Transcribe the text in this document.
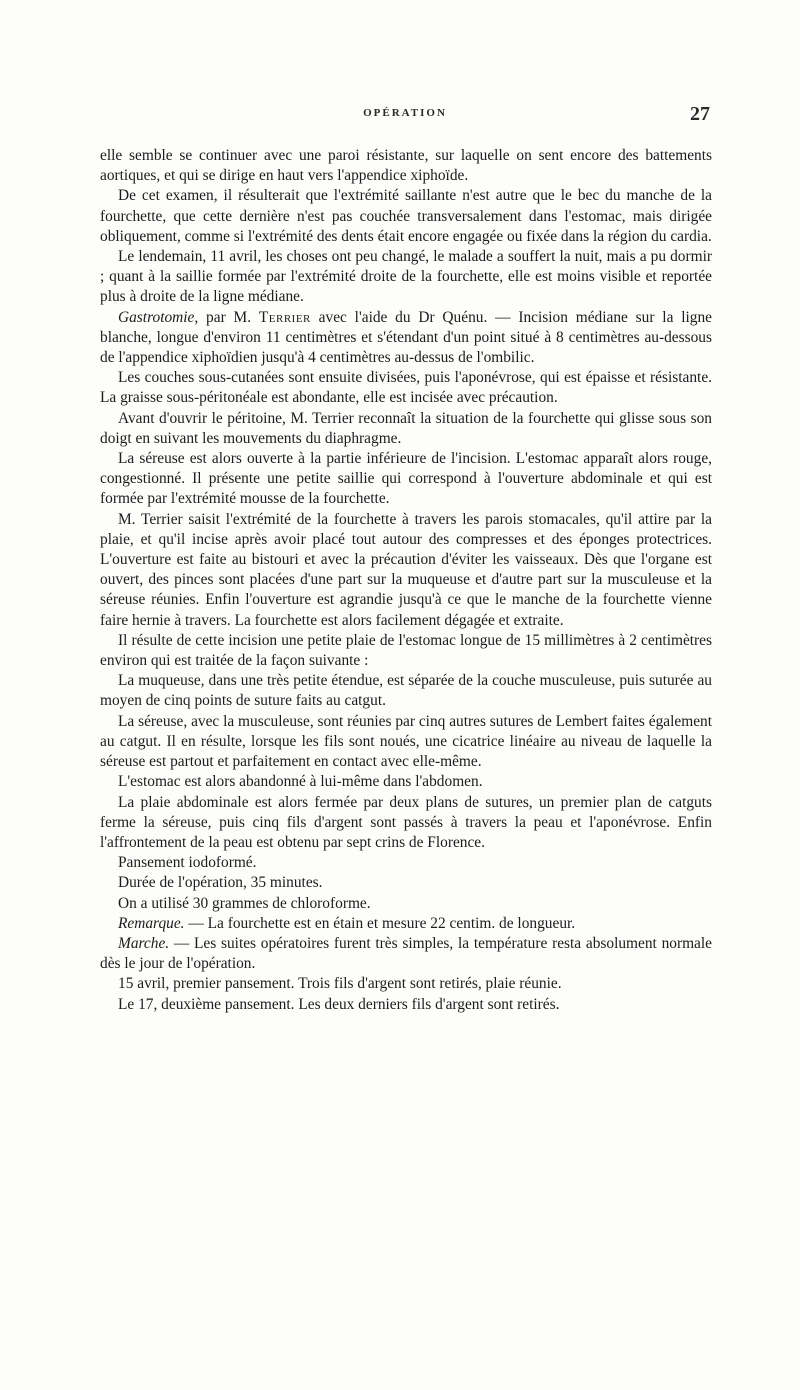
OPÉRATION	27

elle semble se continuer avec une paroi résistante, sur laquelle on sent encore des battements aortiques, et qui se dirige en haut vers l'appendice xiphoïde.

De cet examen, il résulterait que l'extrémité saillante n'est autre que le bec du manche de la fourchette, que cette dernière n'est pas couchée transversalement dans l'estomac, mais dirigée obliquement, comme si l'extrémité des dents était encore engagée ou fixée dans la région du cardia.

Le lendemain, 11 avril, les choses ont peu changé, le malade a souffert la nuit, mais a pu dormir ; quant à la saillie formée par l'extrémité droite de la fourchette, elle est moins visible et reportée plus à droite de la ligne médiane.

Gastrotomie, par M. Terrier avec l'aide du Dr Quénu. — Incision médiane sur la ligne blanche, longue d'environ 11 centimètres et s'étendant d'un point situé à 8 centimètres au-dessous de l'appendice xiphoïdien jusqu'à 4 centimètres au-dessus de l'ombilic.

Les couches sous-cutanées sont ensuite divisées, puis l'aponévrose, qui est épaisse et résistante. La graisse sous-péritonéale est abondante, elle est incisée avec précaution.

Avant d'ouvrir le péritoine, M. Terrier reconnaît la situation de la fourchette qui glisse sous son doigt en suivant les mouvements du diaphragme.

La séreuse est alors ouverte à la partie inférieure de l'incision. L'estomac apparaît alors rouge, congestionné. Il présente une petite saillie qui correspond à l'ouverture abdominale et qui est formée par l'extrémité mousse de la fourchette.

M. Terrier saisit l'extrémité de la fourchette à travers les parois stomacales, qu'il attire par la plaie, et qu'il incise après avoir placé tout autour des compresses et des éponges protectrices. L'ouverture est faite au bistouri et avec la précaution d'éviter les vaisseaux. Dès que l'organe est ouvert, des pinces sont placées d'une part sur la muqueuse et d'autre part sur la musculeuse et la séreuse réunies. Enfin l'ouverture est agrandie jusqu'à ce que le manche de la fourchette vienne faire hernie à travers. La fourchette est alors facilement dégagée et extraite.

Il résulte de cette incision une petite plaie de l'estomac longue de 15 millimètres à 2 centimètres environ qui est traitée de la façon suivante :

La muqueuse, dans une très petite étendue, est séparée de la couche musculeuse, puis suturée au moyen de cinq points de suture faits au catgut.

La séreuse, avec la musculeuse, sont réunies par cinq autres sutures de Lembert faites également au catgut. Il en résulte, lorsque les fils sont noués, une cicatrice linéaire au niveau de laquelle la séreuse est partout et parfaitement en contact avec elle-même.

L'estomac est alors abandonné à lui-même dans l'abdomen.

La plaie abdominale est alors fermée par deux plans de sutures, un premier plan de catguts ferme la séreuse, puis cinq fils d'argent sont passés à travers la peau et l'aponévrose. Enfin l'affrontement de la peau est obtenu par sept crins de Florence.

Pansement iodoformé.

Durée de l'opération, 35 minutes.

On a utilisé 30 grammes de chloroforme.

Remarque. — La fourchette est en étain et mesure 22 centim. de longueur.

Marche. — Les suites opératoires furent très simples, la température resta absolument normale dès le jour de l'opération.

15 avril, premier pansement. Trois fils d'argent sont retirés, plaie réunie.

Le 17, deuxième pansement. Les deux derniers fils d'argent sont retirés.
